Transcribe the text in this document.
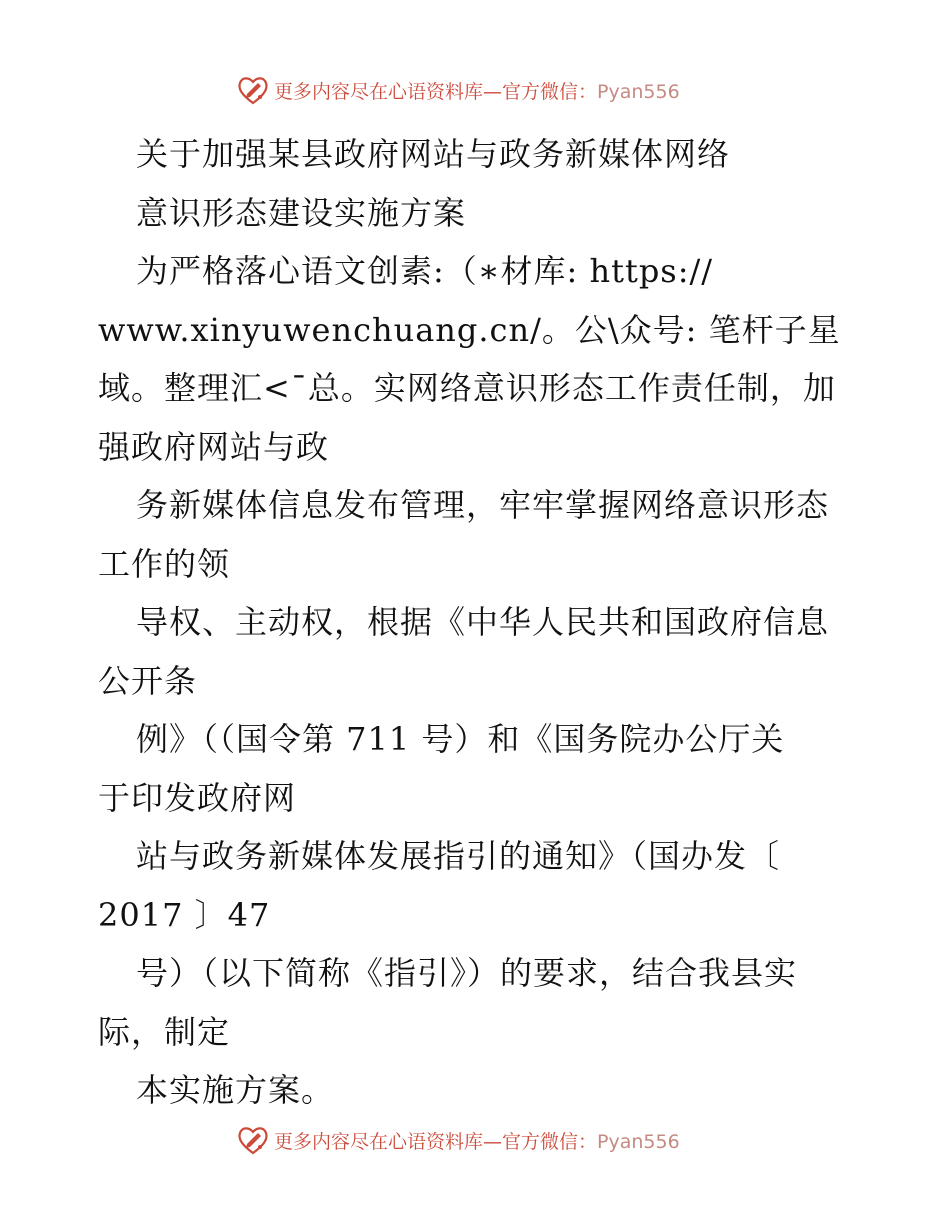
更多内容尽在心语资料库—官方微信：Pyan556
关于加强某县政府网站与政务新媒体网络
意识形态建设实施方案
为严格落心语文创素:（∗材库: https://
www.xinyuwenchuang.cn/。公\众号: 笔杆子星
域。整理汇<¯总。实网络意识形态工作责任制，加
强政府网站与政
务新媒体信息发布管理，牢牢掌握网络意识形态
工作的领
导权、主动权，根据《中华人民共和国政府信息
公开条
例》（（国令第 711 号）和《国务院办公厅关
于印发政府网
站与政务新媒体发展指引的通知》（国办发〔
2017 〕47
号）（以下简称《指引》）的要求，结合我县实
际，制定
本实施方案。
更多内容尽在心语资料库—官方微信：Pyan556
